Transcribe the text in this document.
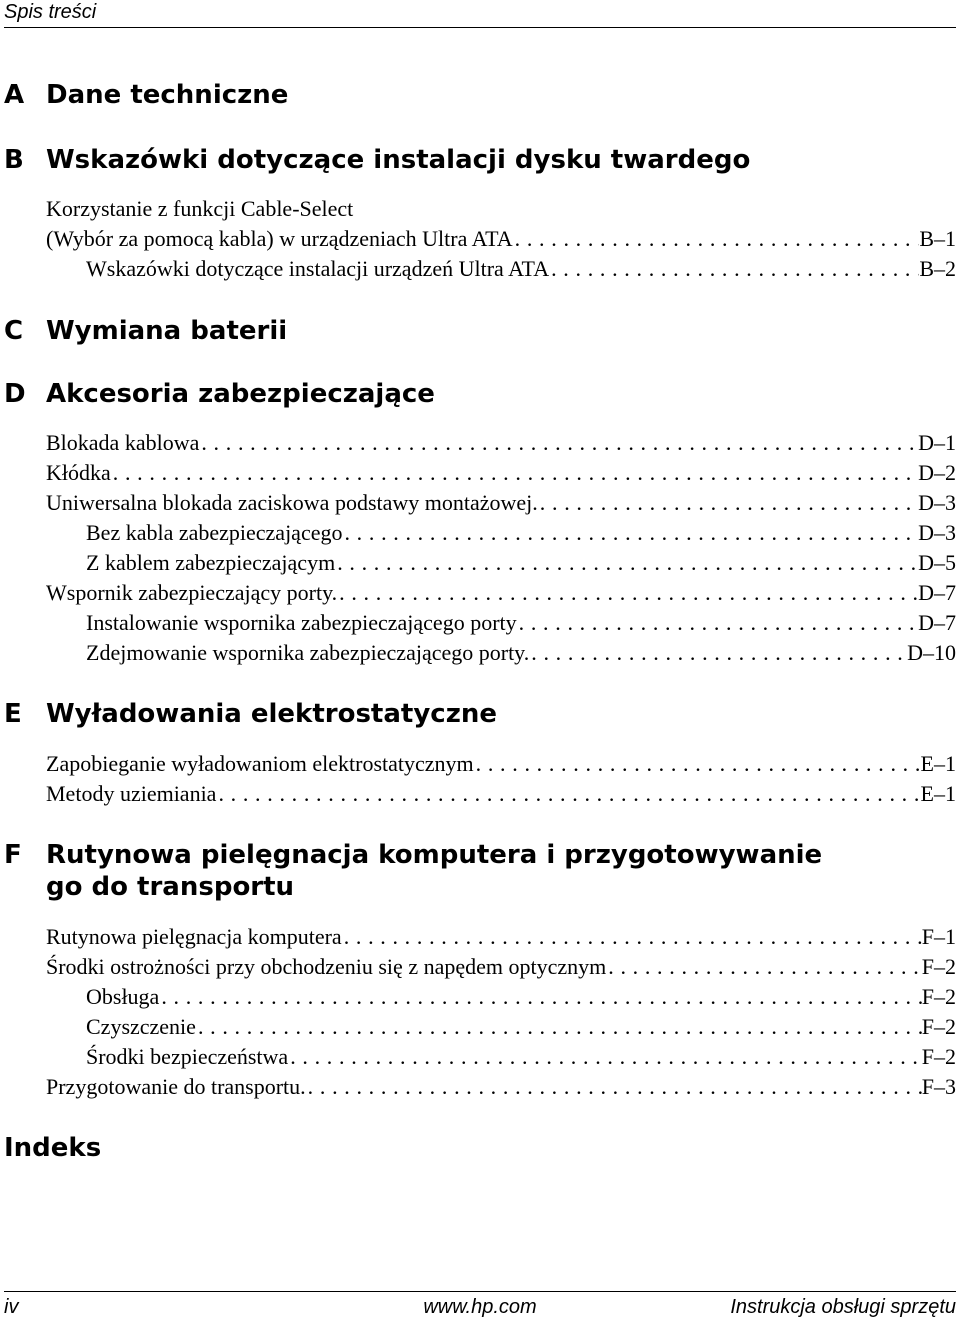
Spis treści
A Dane techniczne
B Wskazówki dotyczące instalacji dysku twardego
Korzystanie z funkcji Cable-Select
(Wybór za pomocą kabla) w urządzeniach Ultra ATA . . .	B–1
Wskazówki dotyczące instalacji urządzeń Ultra ATA . . .	B–2
C Wymiana baterii
D Akcesoria zabezpieczające
Blokada kablowa . . .	D–1
Kłódka . . .	D–2
Uniwersalna blokada zaciskowa podstawy montażowej. . . .	D–3
Bez kabla zabezpieczającego . . .	D–3
Z kablem zabezpieczającym . . .	D–5
Wspornik zabezpieczający porty. . . .	D–7
Instalowanie wspornika zabezpieczającego porty . . .	D–7
Zdejmowanie wspornika zabezpieczającego porty. . . .	D–10
E Wyładowania elektrostatyczne
Zapobieganie wyładowaniom elektrostatycznym . . .	E–1
Metody uziemiania . . .	E–1
F Rutynowa pielęgnacja komputera i przygotowywanie
go do transportu
Rutynowa pielęgnacja komputera . . .	F–1
Środki ostrożności przy obchodzeniu się z napędem optycznym . . .	F–2
Obsługa . . .	F–2
Czyszczenie . . .	F–2
Środki bezpieczeństwa . . .	F–2
Przygotowanie do transportu. . . .	F–3
Indeks
iv	www.hp.com	Instrukcja obsługi sprzętu
